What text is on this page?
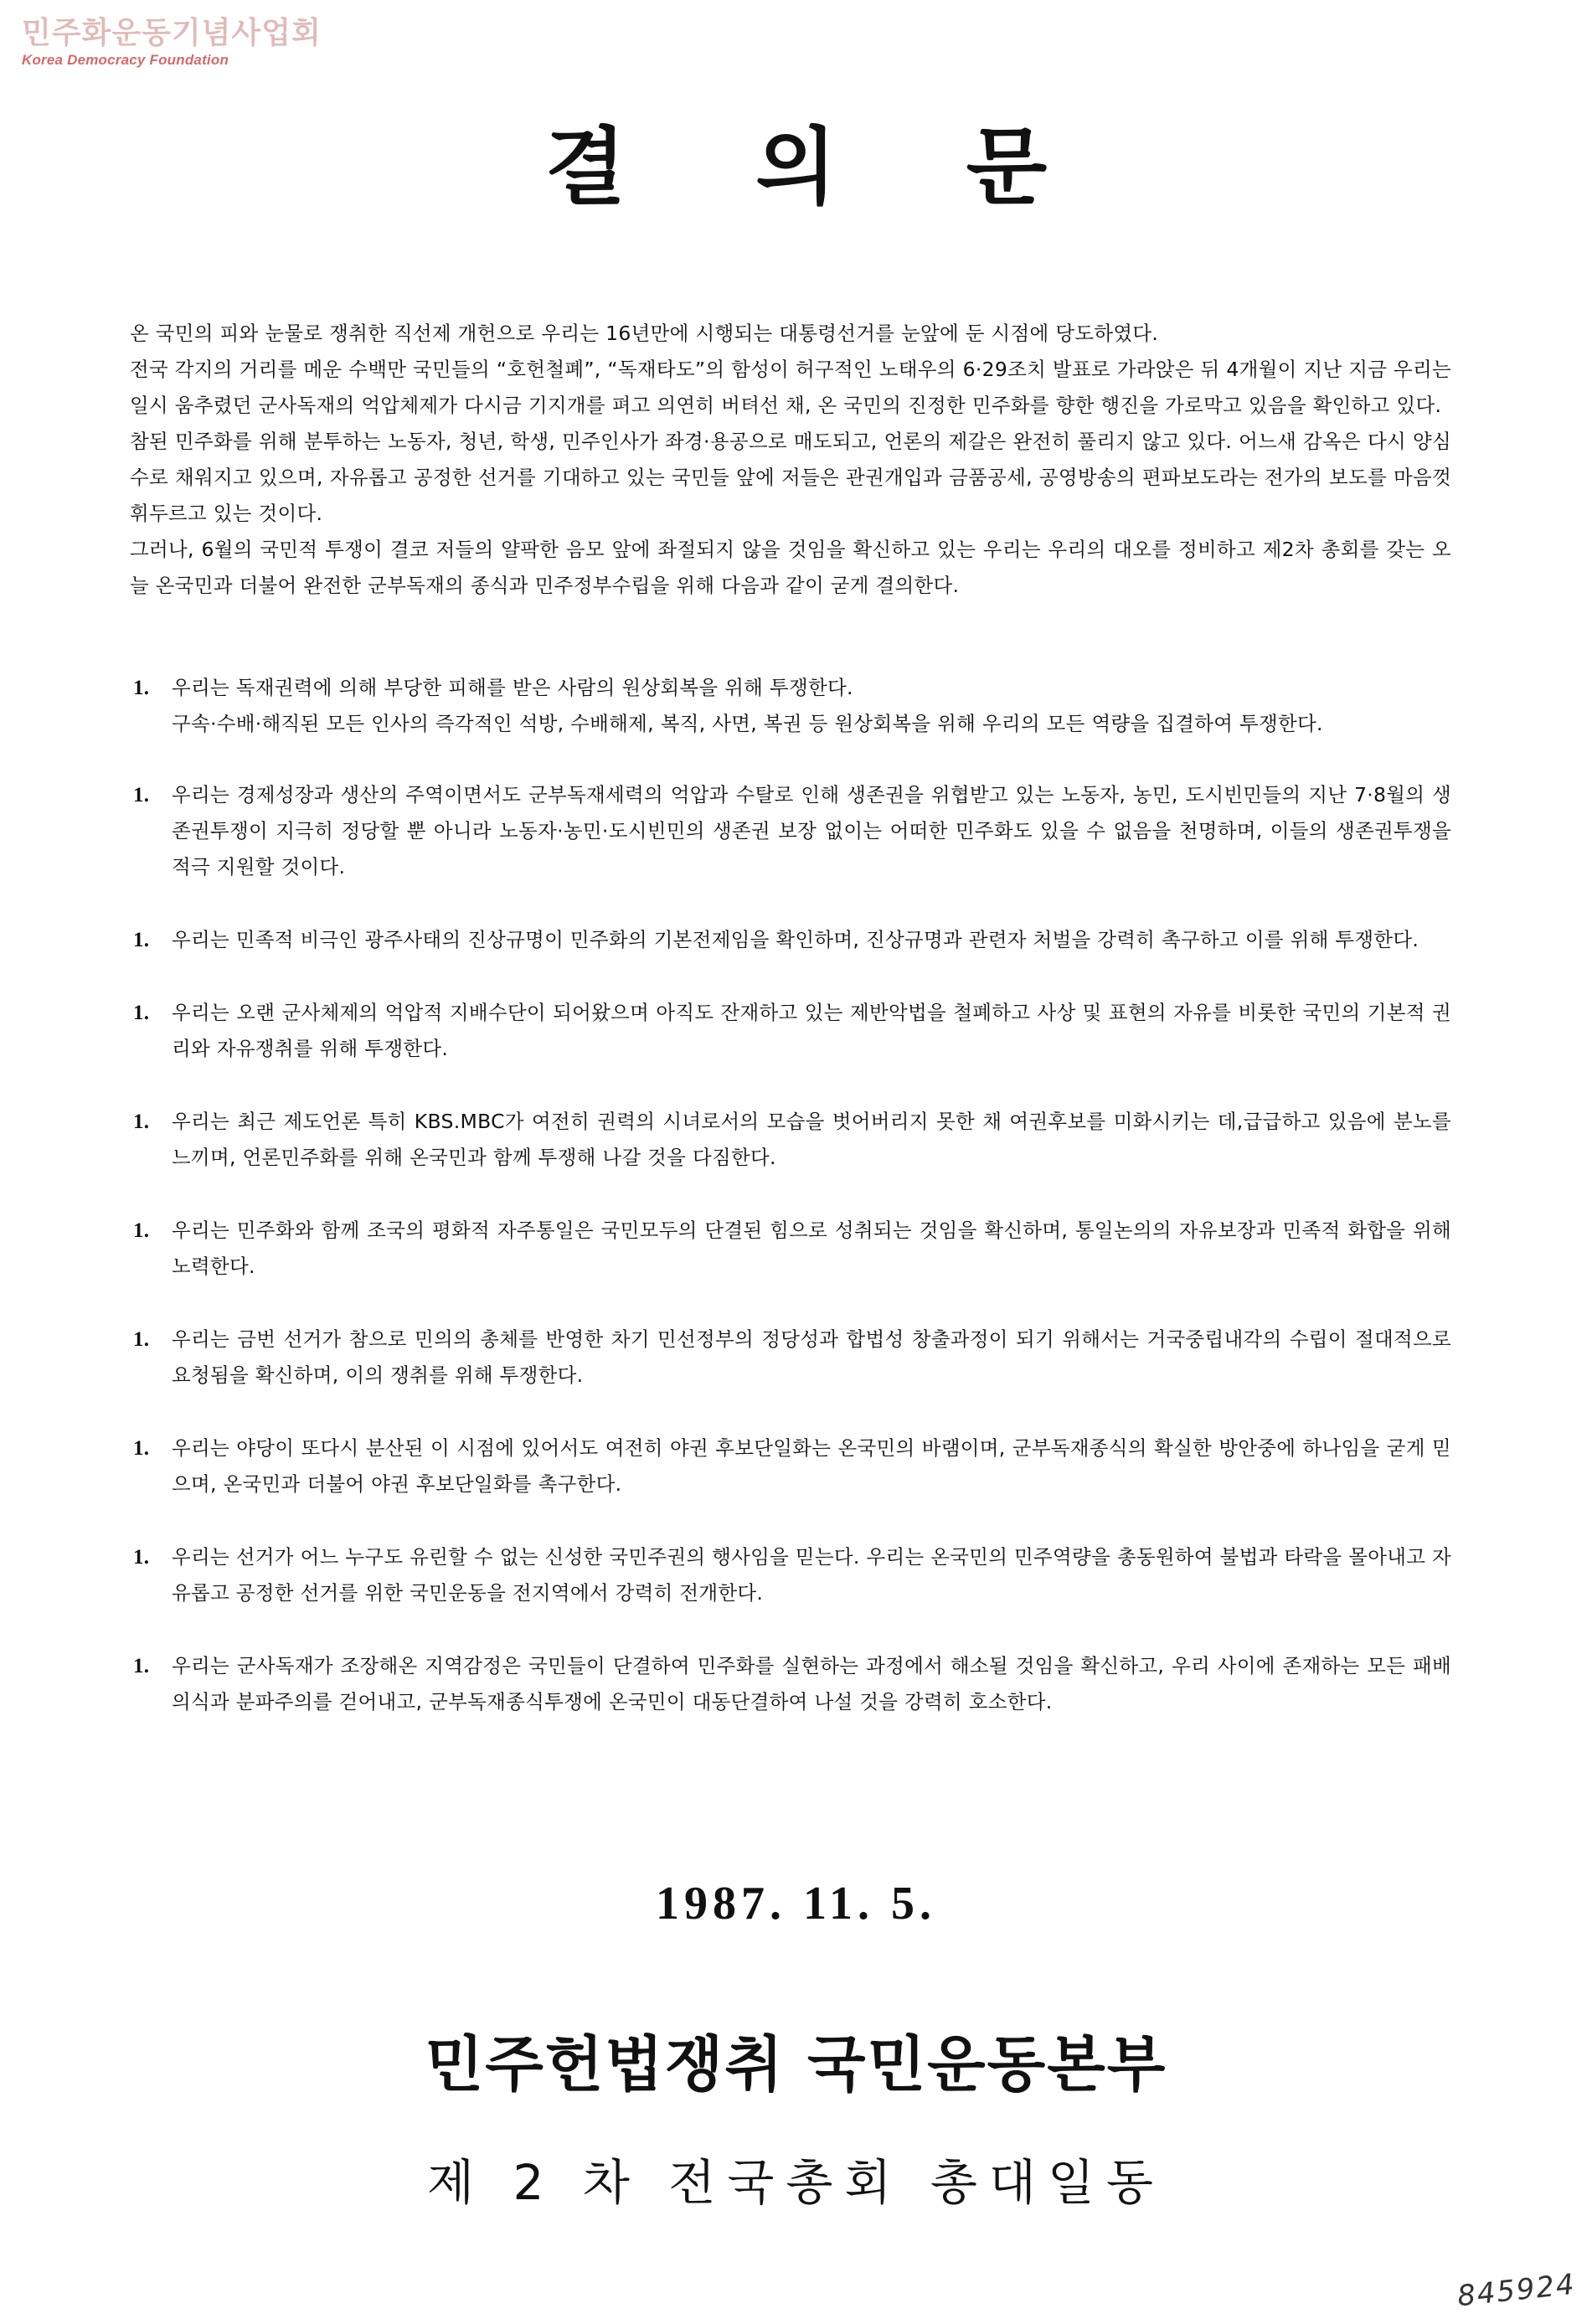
민주화운동기념사업회
Korea Democracy Foundation
결 의 문

온 국민의 피와 눈물로 쟁취한 직선제 개헌으로 우리는 16년만에 시행되는 대통령선거를 눈앞에 둔 시점에 당도하였다.

전국 각지의 거리를 메운 수백만 국민들의 “호헌철폐”, “독재타도”의 함성이 허구적인 노태우의 6·29조치 발표로 가라앉은 뒤 4개월이 지난 지금 우리는 일시 움추렸던 군사독재의 억압체제가 다시금 기지개를 펴고 의연히 버텨선 채, 온 국민의 진정한 민주화를 향한 행진을 가로막고 있음을 확인하고 있다.

참된 민주화를 위해 분투하는 노동자, 청년, 학생, 민주인사가 좌경·용공으로 매도되고, 언론의 제갈은 완전히 풀리지 않고 있다. 어느새 감옥은 다시 양심수로 채워지고 있으며, 자유롭고 공정한 선거를 기대하고 있는 국민들 앞에 저들은 관권개입과 금품공세, 공영방송의 편파보도라는 전가의 보도를 마음껏 휘두르고 있는 것이다.

그러나, 6월의 국민적 투쟁이 결코 저들의 얄팍한 음모 앞에 좌절되지 않을 것임을 확신하고 있는 우리는 우리의 대오를 정비하고 제2차 총회를 갖는 오늘 온국민과 더불어 완전한 군부독재의 종식과 민주정부수립을 위해 다음과 같이 굳게 결의한다.

1. 우리는 독재권력에 의해 부당한 피해를 받은 사람의 원상회복을 위해 투쟁한다.
구속·수배·해직된 모든 인사의 즉각적인 석방, 수배해제, 복직, 사면, 복권 등 원상회복을 위해 우리의 모든 역량을 집결하여 투쟁한다.
1. 우리는 경제성장과 생산의 주역이면서도 군부독재세력의 억압과 수탈로 인해 생존권을 위협받고 있는 노동자, 농민, 도시빈민들의 지난 7·8월의 생존권투쟁이 지극히 정당할 뿐 아니라 노동자·농민·도시빈민의 생존권 보장 없이는 어떠한 민주화도 있을 수 없음을 천명하며, 이들의 생존권투쟁을 적극 지원할 것이다.
1. 우리는 민족적 비극인 광주사태의 진상규명이 민주화의 기본전제임을 확인하며, 진상규명과 관련자 처벌을 강력히 촉구하고 이를 위해 투쟁한다.
1. 우리는 오랜 군사체제의 억압적 지배수단이 되어왔으며 아직도 잔재하고 있는 제반악법을 철폐하고 사상 및 표현의 자유를 비롯한 국민의 기본적 권리와 자유쟁취를 위해 투쟁한다.
1. 우리는 최근 제도언론 특히 KBS.MBC가 여전히 권력의 시녀로서의 모습을 벗어버리지 못한 채 여권후보를 미화시키는 데,급급하고 있음에 분노를 느끼며, 언론민주화를 위해 온국민과 함께 투쟁해 나갈 것을 다짐한다.
1. 우리는 민주화와 함께 조국의 평화적 자주통일은 국민모두의 단결된 힘으로 성취되는 것임을 확신하며, 통일논의의 자유보장과 민족적 화합을 위해 노력한다.
1. 우리는 금번 선거가 참으로 민의의 총체를 반영한 차기 민선정부의 정당성과 합법성 창출과정이 되기 위해서는 거국중립내각의 수립이 절대적으로 요청됨을 확신하며, 이의 쟁취를 위해 투쟁한다.
1. 우리는 야당이 또다시 분산된 이 시점에 있어서도 여전히 야권 후보단일화는 온국민의 바램이며, 군부독재종식의 확실한 방안중에 하나임을 굳게 믿으며, 온국민과 더불어 야권 후보단일화를 촉구한다.
1. 우리는 선거가 어느 누구도 유린할 수 없는 신성한 국민주권의 행사임을 믿는다. 우리는 온국민의 민주역량을 총동원하여 불법과 타락을 몰아내고 자유롭고 공정한 선거를 위한 국민운동을 전지역에서 강력히 전개한다.
1. 우리는 군사독재가 조장해온 지역감정은 국민들이 단결하여 민주화를 실현하는 과정에서 해소될 것임을 확신하고, 우리 사이에 존재하는 모든 패배의식과 분파주의를 걷어내고, 군부독재종식투쟁에 온국민이 대동단결하여 나설 것을 강력히 호소한다.
1987. 11. 5.
민주헌법쟁취 국민운동본부
제 2 차 전국총회 총대일동
845924
